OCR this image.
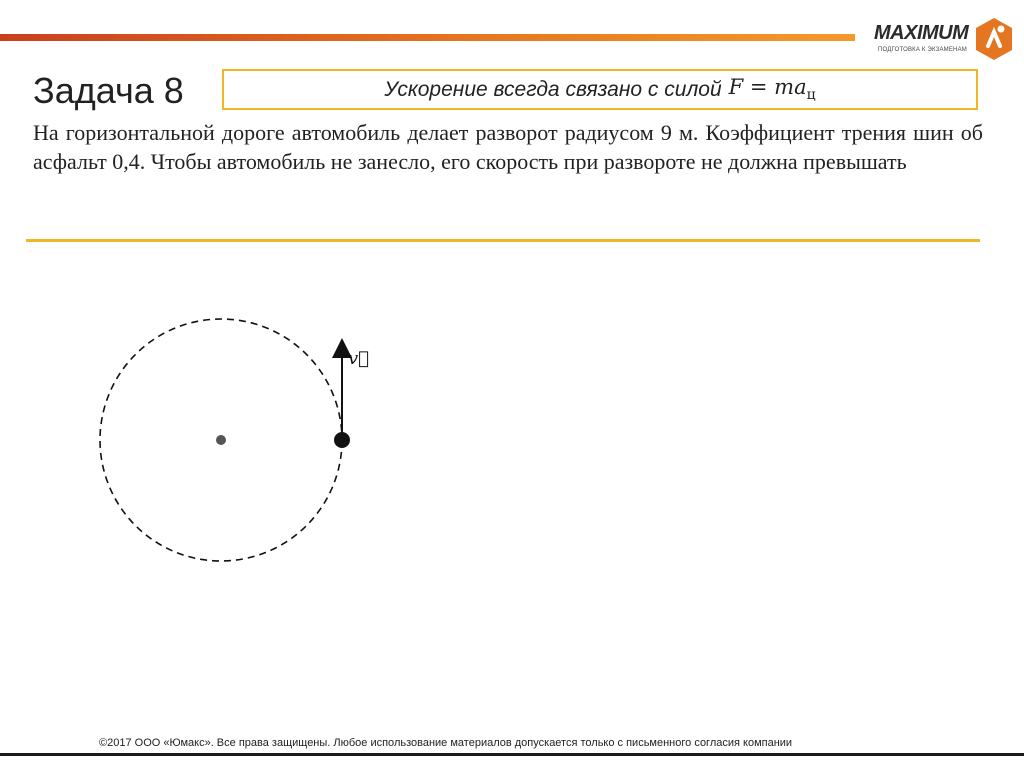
MAXIMUM
ПОДГОТОВКА К ЭКЗАМЕНАМ
Задача 8	Ускорение всегда связано с силой $F = ma_ц$
На горизонтальной дороге автомобиль делает разворот радиусом 9 м. Коэффициент трения шин об асфальт 0,4. Чтобы автомобиль не занесло, его скорость при развороте не должна превышать
v⃗
©2017 ООО «Юмакс». Все права защищены. Любое использование материалов допускается только с письменного согласия компании
